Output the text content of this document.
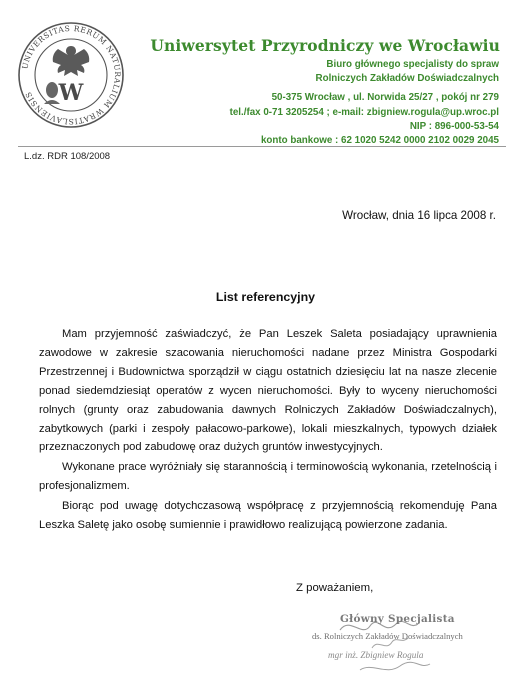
UNIVERSITAS RERUM NATURALIUM WRATISLAVIENSIS	W
Uniwersytet Przyrodniczy we Wrocławiu
Biuro głównego specjalisty do spraw
Rolniczych Zakładów Doświadczalnych
50-375 Wrocław , ul. Norwida 25/27 , pokój nr 279
tel./fax 0-71 3205254 ; e-mail: zbigniew.rogula@up.wroc.pl
NIP : 896-000-53-54
konto bankowe : 62 1020 5242 0000 2102 0029 2045
L.dz. RDR 108/2008
Wrocław, dnia 16 lipca 2008 r.
List referencyjny

Mam przyjemność zaświadczyć, że Pan Leszek Saleta posiadający uprawnienia zawodowe w zakresie szacowania nieruchomości nadane przez Ministra Gospodarki Przestrzennej i Budownictwa sporządził w ciągu ostatnich dziesięciu lat na nasze zlecenie ponad siedemdziesiąt operatów z wycen nieruchomości. Były to wyceny nieruchomości rolnych (grunty oraz zabudowania dawnych Rolniczych Zakładów Doświadczalnych), zabytkowych (parki i zespoły pałacowo-parkowe), lokali mieszkalnych, typowych działek przeznaczonych pod zabudowę oraz dużych gruntów inwestycyjnych.

Wykonane prace wyróżniały się starannością i terminowością wykonania, rzetelnością i profesjonalizmem.

Biorąc pod uwagę dotychczasową współpracę z przyjemnością rekomenduję Pana Leszka Saletę jako osobę sumiennie i prawidłowo realizującą powierzone zadania.

Z poważaniem,
Główny Specjalista
ds. Rolniczych Zakładów Doświadczalnych
mgr inż. Zbigniew Rogula
